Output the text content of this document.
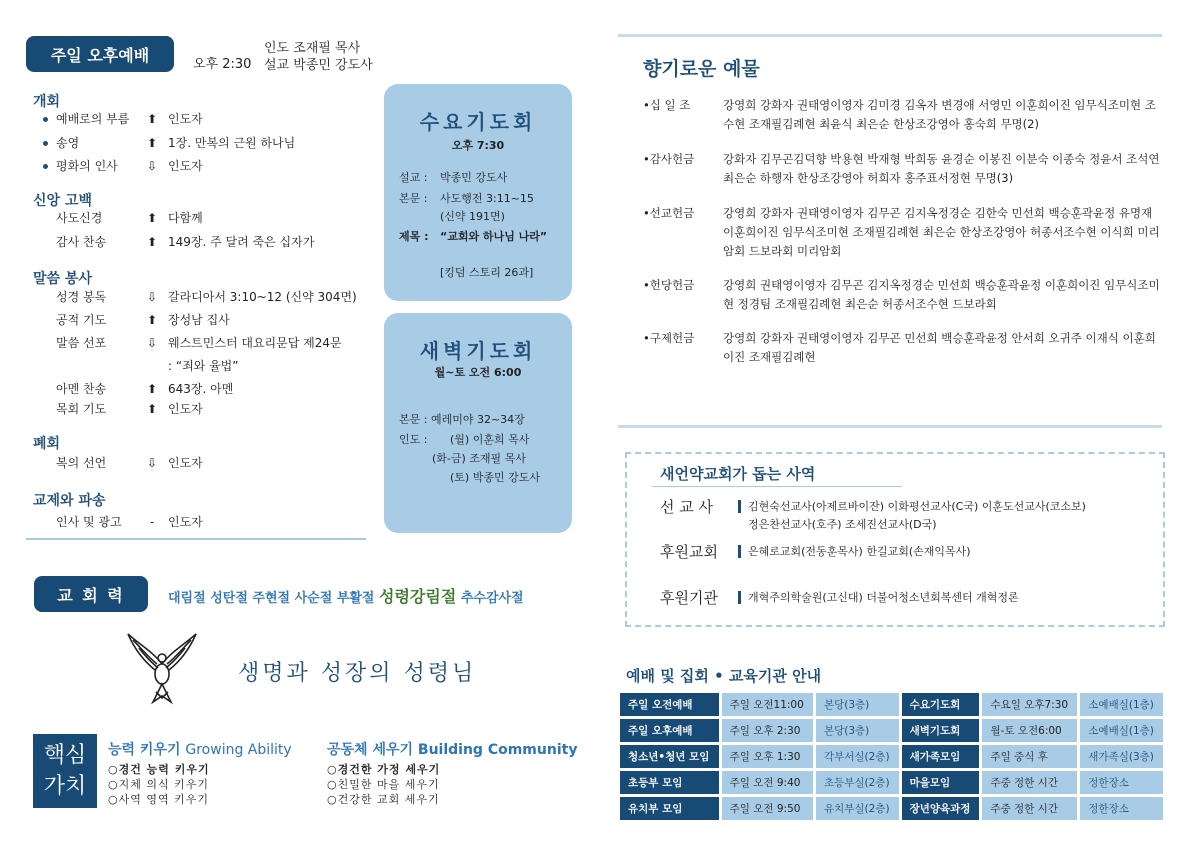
주일 오후예배	오후 2:30
인도 조재필 목사
설교 박종민 강도사
개회
예배로의 부름	⬆ 인도자
송영	⬆ 1장. 만복의 근원 하나님
평화의 인사	⇩ 인도자
신앙 고백
사도신경	⬆ 다함께
감사 찬송	⬆ 149장. 주 달려 죽은 십자가
말씀 봉사
성경 봉독	⇩ 갈라디아서 3:10~12 (신약 304면)
공적 기도	⬆ 장성남 집사
말씀 선포	⇩ 웨스트민스터 대요리문답 제24문
: “죄와 율법”
아멘 찬송	⬆ 643장. 아멘
목회 기도	⬆ 인도자
폐회
복의 선언	⇩ 인도자
교제와 파송
인사 및 광고	-	인도자
수요기도회
오후 7:30
설교 : 박종민 강도사
본문 : 사도행전 3:11~15
(신약 191면)
제목 : “교회와 하나님 나라”
[킹덤 스토리 26과]
새벽기도회
월~토 오전 6:00
본문 : 예레미야 32~34장
인도 : (월) 이훈희 목사
(화-금) 조재필 목사
(토) 박종민 강도사
교 회 력	대림절 성탄절 주현절 사순절 부활절 성령강림절 추수감사절
생명과 성장의 성령님
핵심
가치
능력 키우기 Growing Ability
○경건 능력 키우기
○지체 의식 키우기
○사역 영역 키우기
공동체 세우기 Building Community
○경건한 가정 세우기
○친밀한 마을 세우기
○건강한 교회 세우기
향기로운 예물
•십 일 조	강영희 강화자 권태영이영자 김미경 김옥자 변경애 서영민 이훈희이진 임무식조미현 조수현 조재필김례현 최윤식 최은순 한상조강영아 홍숙희 무명(2)
•감사헌금	강화자 김무곤김덕향 박용현 박재형 박희동 윤경순 이봉진 이분숙 이종숙 정윤서 조석연 최은순 하행자 한상조강영아 허희자 홍주표서정현 무명(3)
•선교헌금	강영희 강화자 권태영이영자 김무곤 김지옥정경순 김한숙 민선희 백승훈곽윤정 유명재 이훈희이진 임무식조미현 조재필김례현 최은순 한상조강영아 허종서조수현 이식희 미리암회 드보라회 미리암회
•헌당헌금	강영희 권태영이영자 김무곤 김지옥정경순 민선희 백승훈곽윤정 이훈희이진 임무식조미현 정경팀 조재필김례현 최은순 허종서조수현 드보라회
•구제헌금	강영희 강화자 권태영이영자 김무곤 민선희 백승훈곽윤정 안서희 오귀주 이재식 이훈희이진 조재필김례현
새언약교회가 돕는 사역
선 교 사	김현숙선교사(아제르바이잔) 이화평선교사(C국) 이훈도선교사(코소보)
정은찬선교사(호주) 조세진선교사(D국)
후원교회	은혜로교회(전동훈목사) 한길교회(손재익목사)
후원기관	개혁주의학술원(고신대) 더불어청소년회복센터 개혁정론
예배 및 집회 • 교육기관 안내
주일 오전예배	주일 오전11:00	본당(3층)	수요기도회	수요일 오후7:30	소예배실(1층)
주일 오후예배	주일 오후 2:30	본당(3층)	새벽기도회	월-토 오전6:00	소예배실(1층)
청소년•청년 모임	주일 오후 1:30	각부서실(2층)	새가족모임	주일 중식 후	새가족실(3층)
초등부 모임	주일 오전 9:40	초등부실(2층)	마을모임	주중 정한 시간	정한장소
유치부 모임	주일 오전 9:50	유치부실(2층)	장년양육과정	주중 정한 시간	정한장소
